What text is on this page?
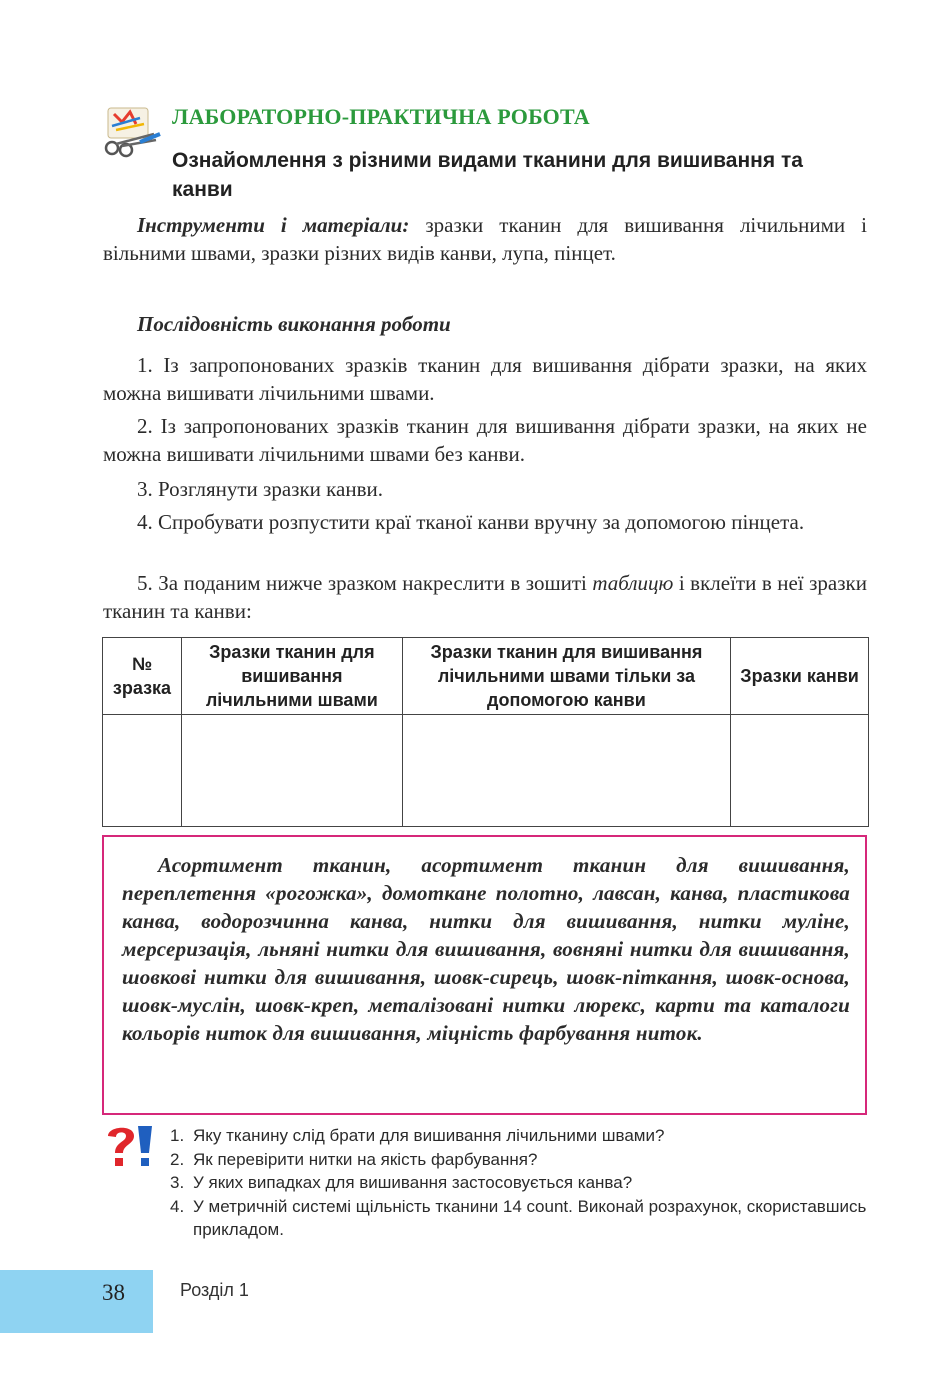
ЛАБОРАТОРНО-ПРАКТИЧНА РОБОТА
Ознайомлення з різними видами тканини для вишивання та канви
Інструменти і матеріали: зразки тканин для вишивання лічильними і вільними швами, зразки різних видів канви, лупа, пінцет.
Послідовність виконання роботи
1. Із запропонованих зразків тканин для вишивання дібрати зразки, на яких можна вишивати лічильними швами.
2. Із запропонованих зразків тканин для вишивання дібрати зразки, на яких не можна вишивати лічильними швами без канви.
3. Розглянути зразки канви.
4. Спробувати розпустити краї тканої канви вручну за допомогою пінцета.
5. За поданим нижче зразком накреслити в зошиті таблицю і вклеїти в неї зразки тканин та канви:
№ зразка	Зразки тканин для вишивання лічильними швами	Зразки тканин для вишивання лічильними швами тільки за допомогою канви	Зразки канви

Асортимент тканин, асортимент тканин для вишивання, переплетення «рогожка», домоткане полотно, лавсан, канва, пластикова канва, водорозчинна канва, нитки для вишивання, нитки муліне, мерсеризація, льняні нитки для вишивання, вовняні нитки для вишивання, шовкові нитки для вишивання, шовк-сирець, шовк-піткання, шовк-основа, шовк-муслін, шовк-креп, металізовані нитки люрекс, карти та каталоги кольорів ниток для вишивання, міцність фарбування ниток.
1. Яку тканину слід брати для вишивання лічильними швами?
2. Як перевірити нитки на якість фарбування?
3. У яких випадках для вишивання застосовується канва?
4. У метричній системі щільність тканини 14 count. Виконай розрахунок, скориставшись прикладом.
38	Розділ 1
